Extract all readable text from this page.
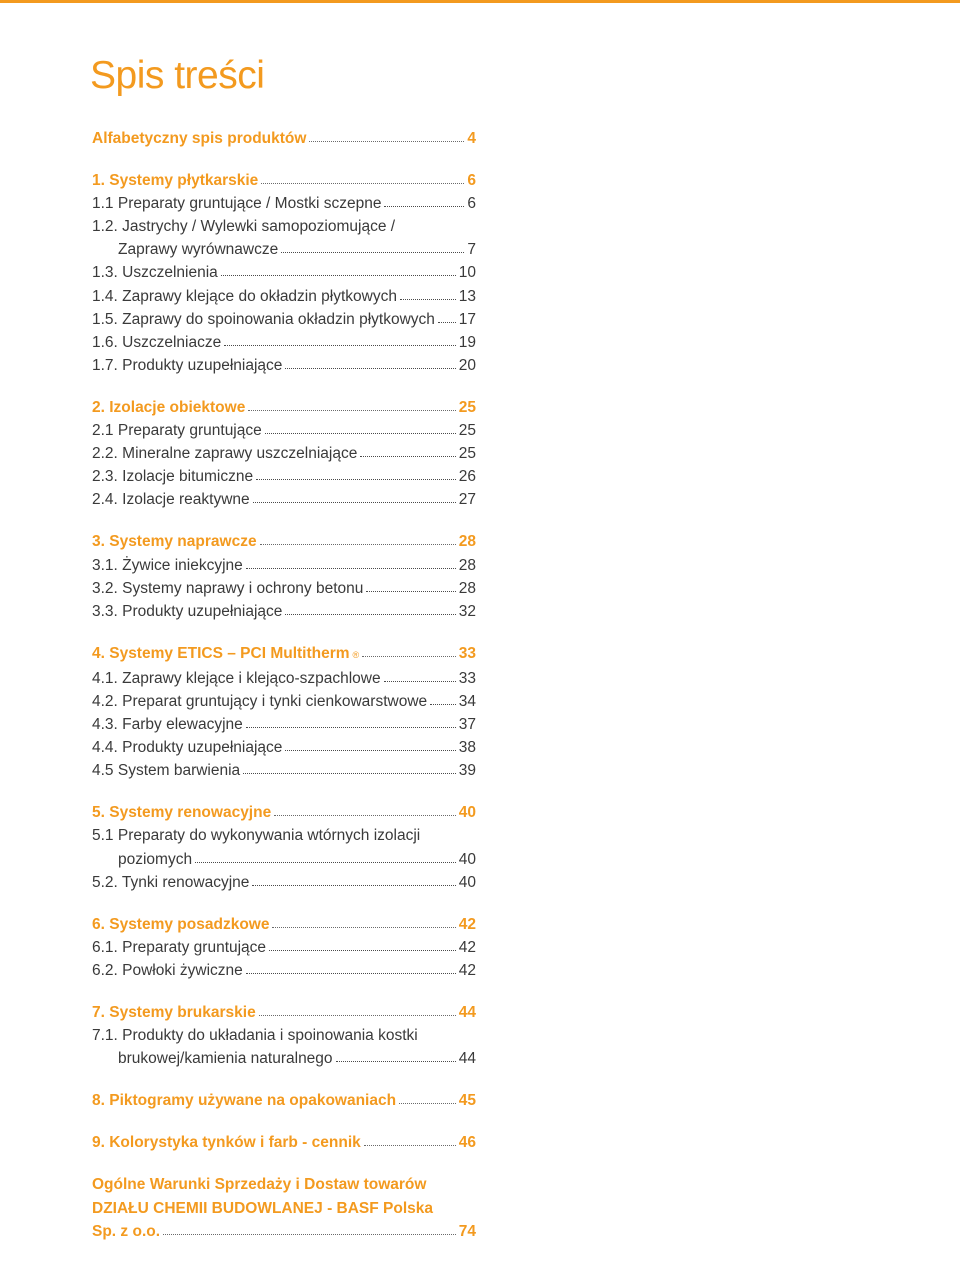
Spis treści
Alfabetyczny spis produktów	4
1. Systemy płytkarskie	6
1.1 Preparaty gruntujące / Mostki sczepne	6
1.2. Jastrychy / Wylewki samopoziomujące /
Zaprawy wyrównawcze	7
1.3. Uszczelnienia	10
1.4. Zaprawy klejące do okładzin płytkowych	13
1.5. Zaprawy do spoinowania okładzin płytkowych 17
1.6. Uszczelniacze	19
1.7. Produkty uzupełniające	20
2. Izolacje obiektowe	25
2.1 Preparaty gruntujące	25
2.2. Mineralne zaprawy uszczelniające	25
2.3. Izolacje bitumiczne	26
2.4. Izolacje reaktywne	27
3. Systemy naprawcze	28
3.1. Żywice iniekcyjne	28
3.2. Systemy naprawy i ochrony betonu	28
3.3. Produkty uzupełniające	32
4. Systemy ETICS – PCI Multitherm ®	33
4.1. Zaprawy klejące i klejąco-szpachlowe	33
4.2. Preparat gruntujący i tynki cienkowarstwowe 34
4.3. Farby elewacyjne	37
4.4. Produkty uzupełniające	38
4.5 System barwienia	39
5. Systemy renowacyjne	40
5.1 Preparaty do wykonywania wtórnych izolacji
poziomych	40
5.2. Tynki renowacyjne	40
6. Systemy posadzkowe	42
6.1. Preparaty gruntujące	42
6.2. Powłoki żywiczne	42
7. Systemy brukarskie	44
7.1. Produkty do układania i spoinowania kostki
brukowej/kamienia naturalnego	44
8. Piktogramy używane na opakowaniach	45
9. Kolorystyka tynków i farb - cennik	46
Ogólne Warunki Sprzedaży i Dostaw towarów
DZIAŁU CHEMII BUDOWLANEJ - BASF Polska
Sp. z o.o.	74
